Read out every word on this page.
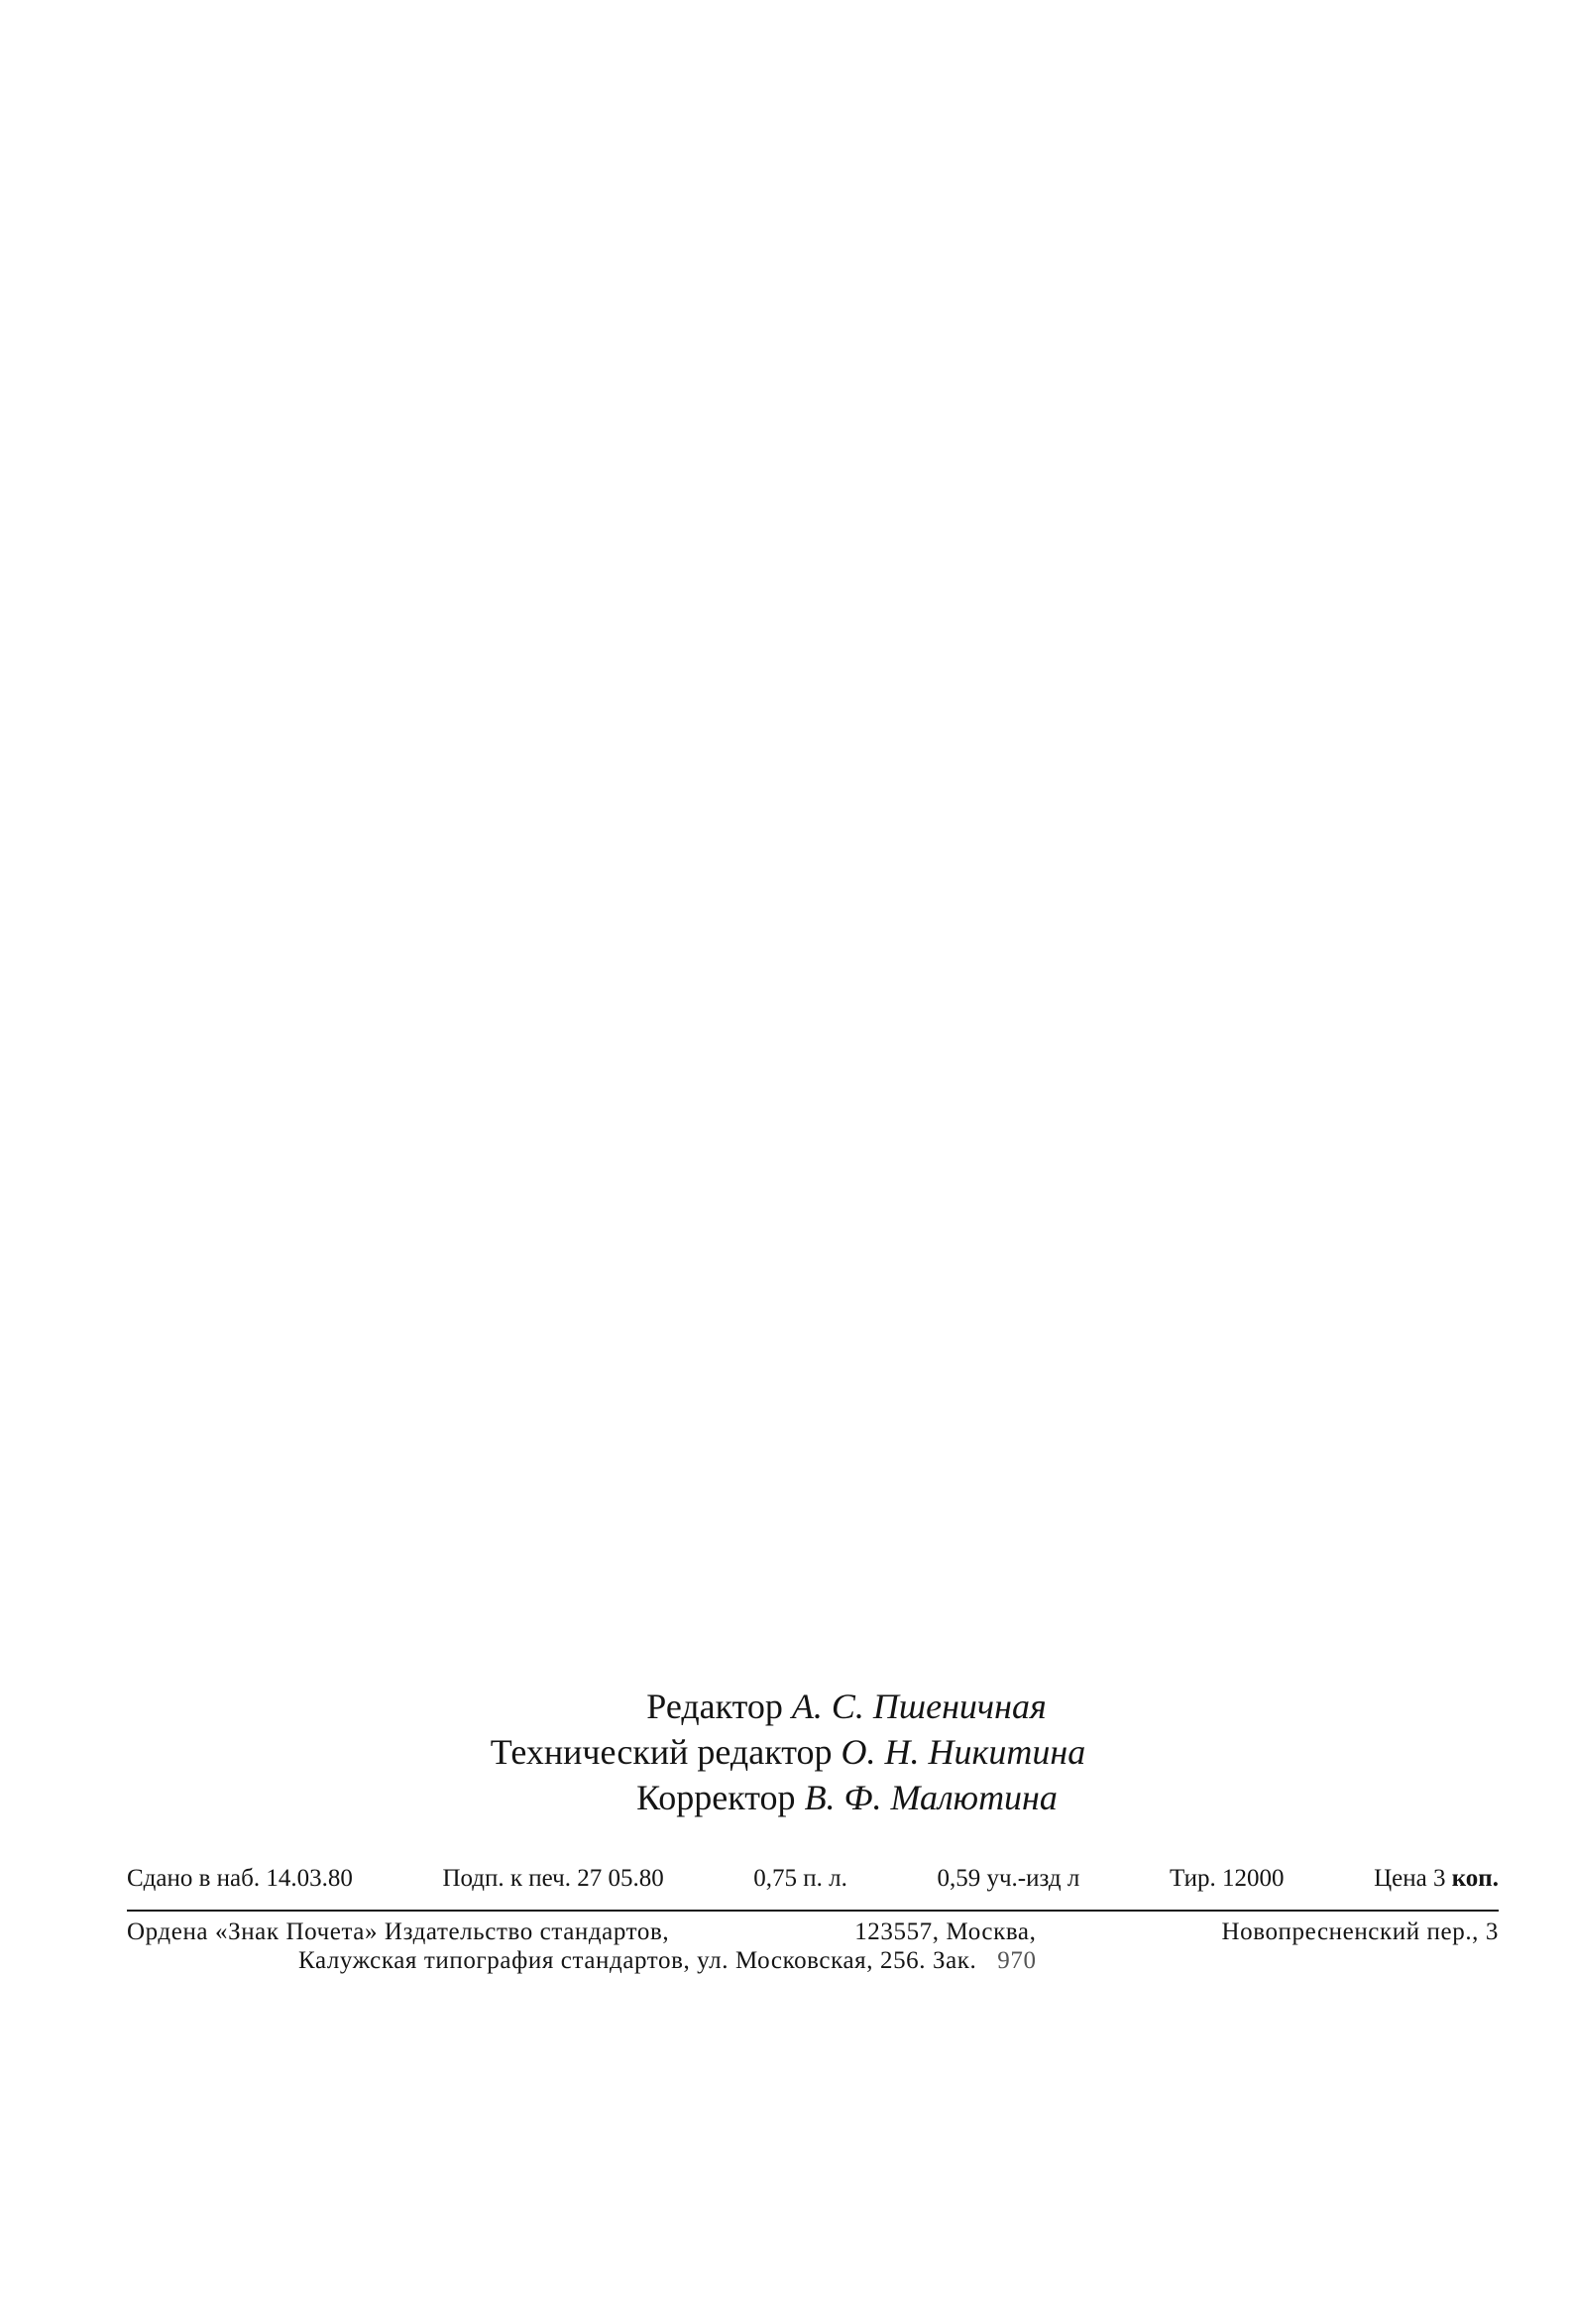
Редактор А. С. Пшеничная
Технический редактор О. Н. Никитина
Корректор В. Ф. Малютина
Сдано в наб. 14.03.80	Подп. к печ. 27 05.80	0,75 п. л.	0,59 уч.-изд л	Тир. 12000	Цена 3 коп.
Ордена «Знак Почета» Издательство стандартов,	123557, Москва,	Новопресненский пер., 3
Калужская типография стандартов, ул. Московская, 256. Зак. 970
